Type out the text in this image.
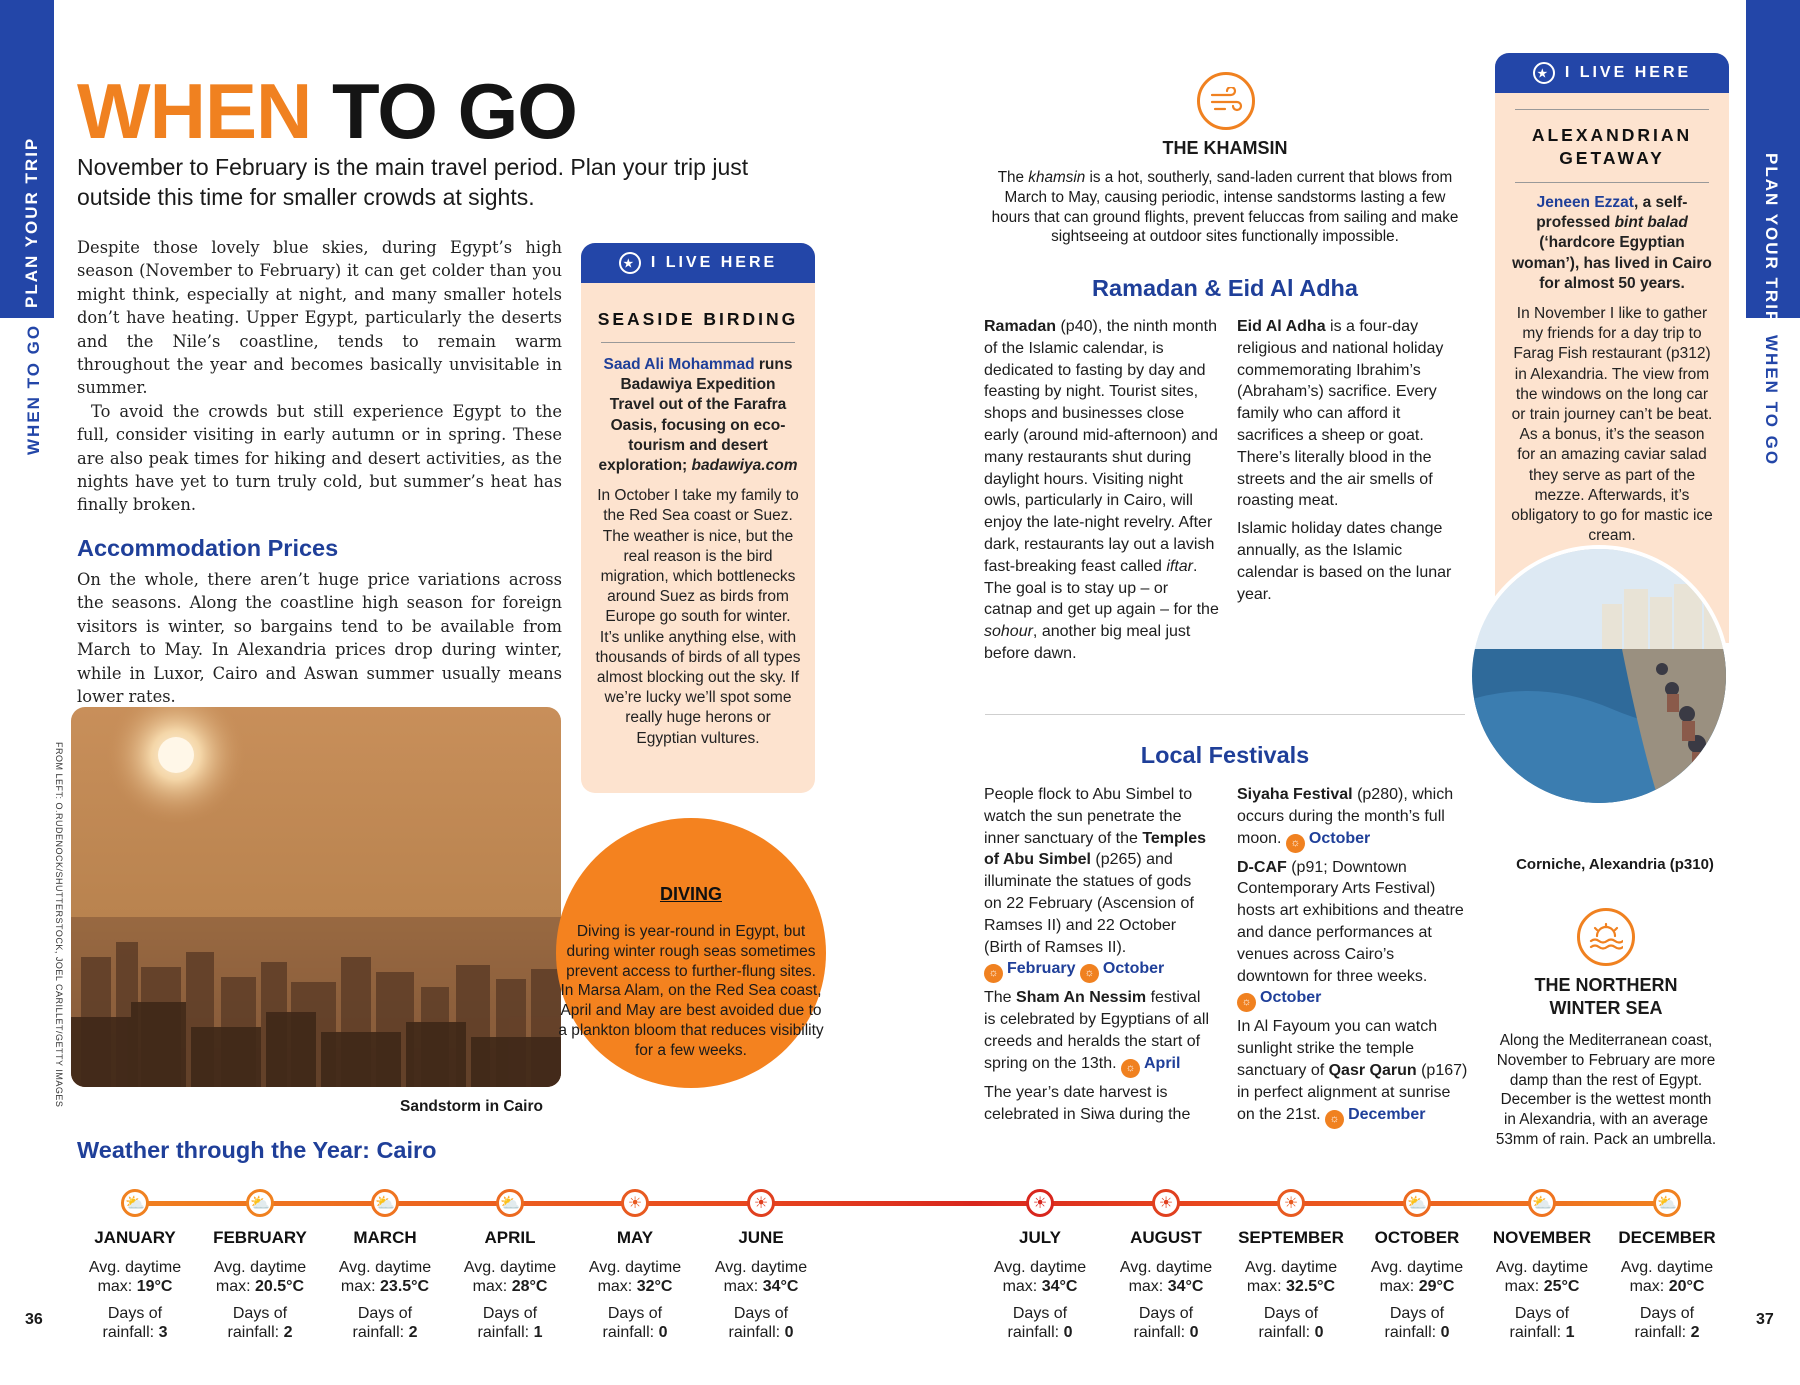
PLAN YOUR TRIP
WHEN TO GO
PLAN YOUR TRIP
WHEN TO GO
WHEN TO GO
November to February is the main travel period. Plan your trip just outside this time for smaller crowds at sights.

Despite those lovely blue skies, during Egypt’s high season (November to February) it can get colder than you might think, especially at night, and many smaller hotels don’t have heating. Upper Egypt, particularly the deserts and the Nile’s coastline, tends to remain warm throughout the year and becomes basically unvisitable in summer.

To avoid the crowds but still experience Egypt to the full, consider visiting in early autumn or in spring. These are also peak times for hiking and desert activities, as the nights have yet to turn truly cold, but summer’s heat has finally broken.

Accommodation Prices

On the whole, there aren’t huge price variations across the seasons. Along the coastline high season for foreign visitors is winter, so bargains tend to be available from March to May. In Alexandria prices drop during winter, while in Luxor, Cairo and Aswan summer usually means lower rates.

Sandstorm in Cairo
FROM LEFT: O.RUDENOCK/SHUTTERSTOCK, JOEL CARILLET/GETTY IMAGES
★ I LIVE HERE
SEASIDE BIRDING
Saad Ali Mohammad runs Badawiya Expedition Travel out of the Farafra Oasis, focusing on eco-tourism and desert exploration; badawiya.com
In October I take my family to the Red Sea coast or Suez. The weather is nice, but the real reason is the bird migration, which bottlenecks around Suez as birds from Europe go south for winter. It’s unlike anything else, with thousands of birds of all types almost blocking out the sky. If we’re lucky we’ll spot some really huge herons or Egyptian vultures.
DIVING
Diving is year-round in Egypt, but during winter rough seas sometimes prevent access to further-flung sites. In Marsa Alam, on the Red Sea coast, April and May are best avoided due to a plankton bloom that reduces visibility for a few weeks.
THE KHAMSIN
The khamsin is a hot, southerly, sand-laden current that blows from March to May, causing periodic, intense sandstorms lasting a few hours that can ground flights, prevent feluccas from sailing and make sightseeing at outdoor sites functionally impossible.
Ramadan & Eid Al Adha
Ramadan (p40), the ninth month of the Islamic calendar, is dedicated to fasting by day and feasting by night. Tourist sites, shops and businesses close early (around mid-afternoon) and many restaurants shut during daylight hours. Visiting night owls, particularly in Cairo, will enjoy the late-night revelry. After dark, restaurants lay out a lavish fast-breaking feast called iftar. The goal is to stay up – or catnap and get up again – for the sohour, another big meal just before dawn.

Eid Al Adha is a four-day religious and national holiday commemorating Ibrahim’s (Abraham’s) sacrifice. Every family who can afford it sacrifices a sheep or goat. There’s literally blood in the streets and the air smells of roasting meat.

Islamic holiday dates change annually, as the Islamic calendar is based on the lunar year.

Local Festivals

People flock to Abu Simbel to watch the sun penetrate the inner sanctuary of the Temples of Abu Simbel (p265) and illuminate the statues of gods on 22 February (Ascension of Ramses II) and 22 October (Birth of Ramses II). ☼ February ☼ October

The Sham An Nessim festival is celebrated by Egyptians of all creeds and heralds the start of spring on the 13th. ☼ April

The year’s date harvest is celebrated in Siwa during the

Siyaha Festival (p280), which occurs during the month’s full moon. ☼ October

D-CAF (p91; Downtown Contemporary Arts Festival) hosts art exhibitions and theatre and dance performances at venues across Cairo’s downtown for three weeks. ☼ October

In Al Fayoum you can watch sunlight strike the temple sanctuary of Qasr Qarun (p167) in perfect alignment at sunrise on the 21st. ☼ December

★ I LIVE HERE
ALEXANDRIAN
GETAWAY
Jeneen Ezzat, a self-professed bint balad (‘hardcore Egyptian woman’), has lived in Cairo for almost 50 years.
In November I like to gather my friends for a day trip to Farag Fish restaurant (p312) in Alexandria. The view from the windows on the long car or train journey can’t be beat. As a bonus, it’s the season for an amazing caviar salad they serve as part of the mezze. Afterwards, it’s obligatory to go for mastic ice cream.
Corniche, Alexandria (p310)
THE NORTHERN
WINTER SEA
Along the Mediterranean coast, November to February are more damp than the rest of Egypt. December is the wettest month in Alexandria, with an average 53mm of rain. Pack an umbrella.
Weather through the Year: Cairo
⛅	⛅	⛅	⛅	☀	☀	☀	☀	☀	⛅	⛅	⛅
JANUARY
Avg. daytime
max: 19°C
Days of
rainfall: 3
FEBRUARY
Avg. daytime
max: 20.5°C
Days of
rainfall: 2
MARCH
Avg. daytime
max: 23.5°C
Days of
rainfall: 2
APRIL
Avg. daytime
max: 28°C
Days of
rainfall: 1
MAY
Avg. daytime
max: 32°C
Days of
rainfall: 0
JUNE
Avg. daytime
max: 34°C
Days of
rainfall: 0
JULY
Avg. daytime
max: 34°C
Days of
rainfall: 0
AUGUST
Avg. daytime
max: 34°C
Days of
rainfall: 0
SEPTEMBER
Avg. daytime
max: 32.5°C
Days of
rainfall: 0
OCTOBER
Avg. daytime
max: 29°C
Days of
rainfall: 0
NOVEMBER
Avg. daytime
max: 25°C
Days of
rainfall: 1
DECEMBER
Avg. daytime
max: 20°C
Days of
rainfall: 2
36	37
